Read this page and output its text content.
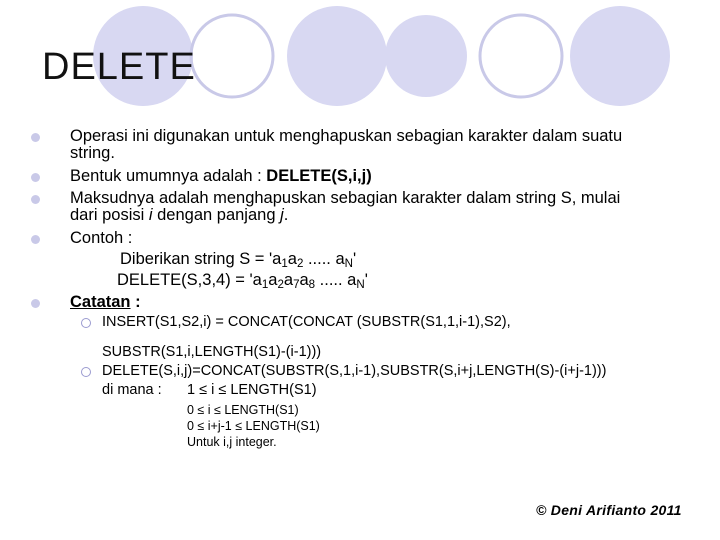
DELETE
Operasi ini digunakan untuk menghapuskan sebagian karakter dalam suatu
string.
Bentuk umumnya adalah : DELETE(S,i,j)
Maksudnya adalah menghapuskan sebagian karakter dalam string S, mulai
dari posisi i dengan panjang j.
Contoh :
Catatan :
Diberikan string $S = 'a_1a_2$ ..... $a_N'$
DELETE(S,3,4) = '$a_1a_2a_7a_8$ ..... $a_N'$
INSERT(S1,S2,i) = CONCAT(CONCAT (SUBSTR(S1,1,i-1),S2),
SUBSTR(S1,i,LENGTH(S1)-(i-1)))
DELETE(S,i,j)=CONCAT(SUBSTR(S,1,i-1),SUBSTR(S,i+j,LENGTH(S)-(i+j-1)))
di mana : 1 ≤ i ≤ LENGTH(S1)
0 ≤ i ≤ LENGTH(S1)
0 ≤ i+j-1 ≤ LENGTH(S1)
Untuk i,j integer.
© Deni Arifianto 2011
